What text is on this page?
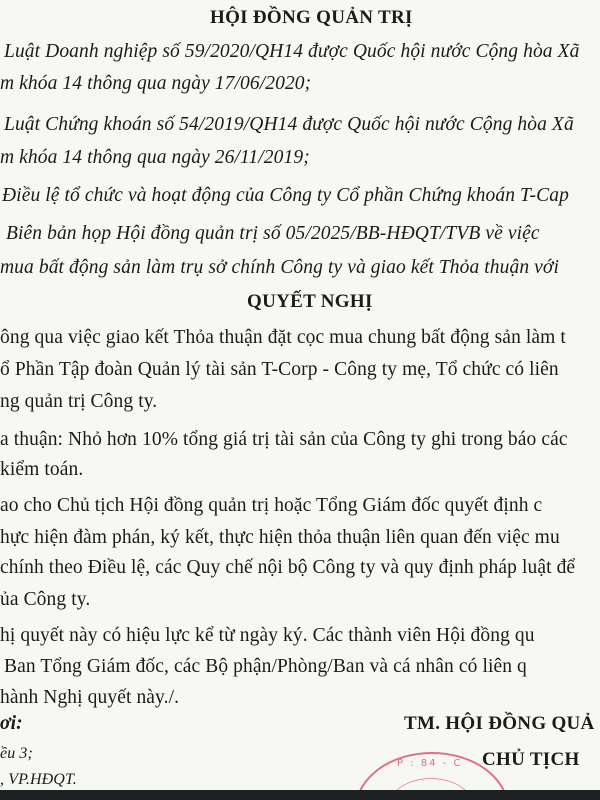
HỘI ĐỒNG QUẢN TRỊ
Luật Doanh nghiệp số 59/2020/QH14 được Quốc hội nước Cộng hòa Xã
m khóa 14 thông qua ngày 17/06/2020;
Luật Chứng khoán số 54/2019/QH14 được Quốc hội nước Cộng hòa Xã
m khóa 14 thông qua ngày 26/11/2019;
Điều lệ tổ chức và hoạt động của Công ty Cổ phần Chứng khoán T-Cap
Biên bản họp Hội đồng quản trị số 05/2025/BB-HĐQT/TVB về việc
mua bất động sản làm trụ sở chính Công ty và giao kết Thỏa thuận với
QUYẾT NGHỊ
ông qua việc giao kết Thỏa thuận đặt cọc mua chung bất động sản làm t
ổ Phần Tập đoàn Quản lý tài sản T-Corp - Công ty mẹ, Tổ chức có liên
ng quản trị Công ty.
a thuận: Nhỏ hơn 10% tổng giá trị tài sản của Công ty ghi trong báo các
kiểm toán.
ao cho Chủ tịch Hội đồng quản trị hoặc Tổng Giám đốc quyết định c
hực hiện đàm phán, ký kết, thực hiện thỏa thuận liên quan đến việc mu
chính theo Điều lệ, các Quy chế nội bộ Công ty và quy định pháp luật để
ủa Công ty.
hị quyết này có hiệu lực kể từ ngày ký. Các thành viên Hội đồng qu
Ban Tổng Giám đốc, các Bộ phận/Phòng/Ban và cá nhân có liên q
hành Nghị quyết này./.
ơi:
ều 3;
, VP.HĐQT.
P : 84 - C
TM. HỘI ĐỒNG QUẢ
CHỦ TỊCH
